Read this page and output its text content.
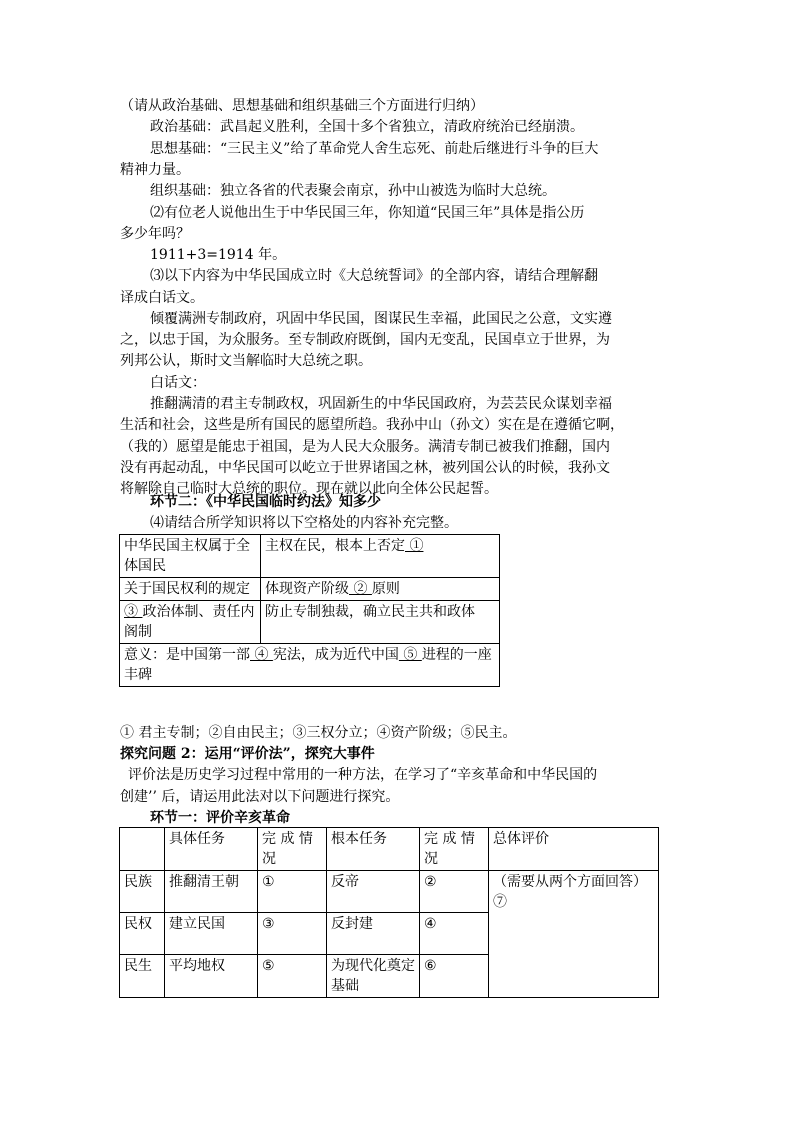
（请从政治基础、思想基础和组织基础三个方面进行归纳）
政治基础：武昌起义胜利，全国十多个省独立，清政府统治已经崩溃。
思想基础：“三民主义”给了革命党人舍生忘死、前赴后继进行斗争的巨大
精神力量。
组织基础：独立各省的代表聚会南京，孙中山被选为临时大总统。
⑵有位老人说他出生于中华民国三年，你知道“民国三年”具体是指公历
多少年吗？
1911+3=1914 年。
⑶以下内容为中华民国成立时《大总统誓词》的全部内容，请结合理解翻
译成白话文。
倾覆满洲专制政府，巩固中华民国，图谋民生幸福，此国民之公意，文实遵
之，以忠于国，为众服务。至专制政府既倒，国内无变乱，民国卓立于世界，为
列邦公认，斯时文当解临时大总统之职。
白话文：
推翻满清的君主专制政权，巩固新生的中华民国政府，为芸芸民众谋划幸福
生活和社会，这些是所有国民的愿望所趋。我孙中山（孙文）实在是在遵循它啊，
（我的）愿望是能忠于祖国，是为人民大众服务。满清专制已被我们推翻，国内
没有再起动乱，中华民国可以屹立于世界诸国之林，被列国公认的时候，我孙文
将解除自己临时大总统的职位。现在就以此向全体公民起誓。
环节二：《中华民国临时约法》知多少
⑷请结合所学知识将以下空格处的内容补充完整。
中华民国主权属于全体国民	主权在民，根本上否定 ①
关于国民权利的规定	体现资产阶级 ② 原则
③ 政治体制、责任内阁制	防止专制独裁，确立民主共和政体
意义：是中国第一部 ④ 宪法，成为近代中国 ⑤ 进程的一座丰碑	
① 君主专制；②自由民主；③三权分立；④资产阶级；⑤民主。
探究问题 2：运用“评价法”，探究大事件
评价法是历史学习过程中常用的一种方法，在学习了“辛亥革命和中华民国的
创建’’ 后，请运用此法对以下问题进行探究。
环节一：评价辛亥革命
	具体任务	完 成 情况	根本任务	完 成 情况	总体评价
民族	推翻清王朝	①	反帝	②	（需要从两个方面回答）⑦
民权	建立民国	③	反封建	④	
民生	平均地权	⑤	为现代化奠定基础	⑥	
